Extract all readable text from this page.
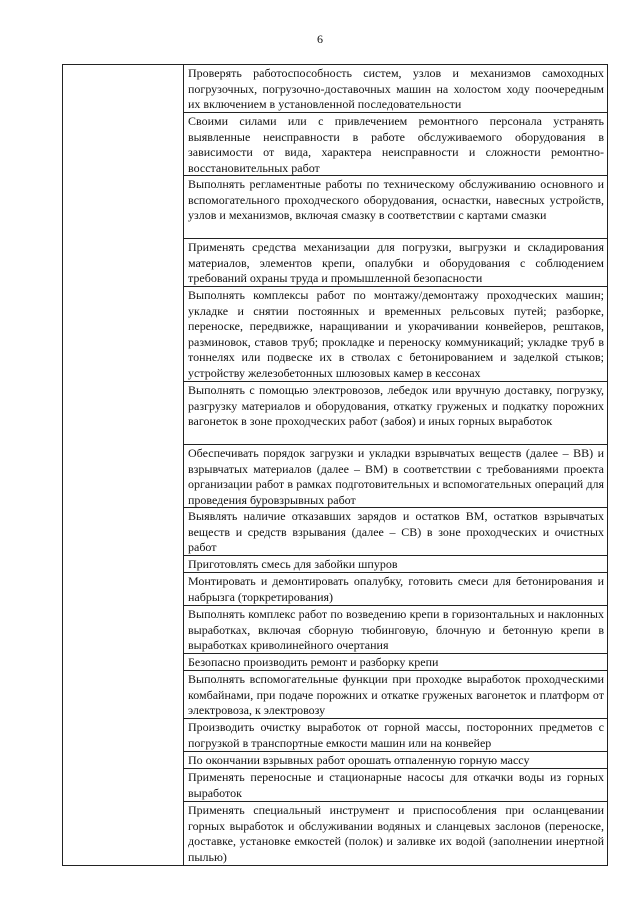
6
Проверять работоспособность систем, узлов и механизмов самоходных погрузочных, погрузочно-доставочных машин на холостом ходу поочередным их включением в установленной последовательности
Своими силами или с привлечением ремонтного персонала устранять выявленные неисправности в работе обслуживаемого оборудования в зависимости от вида, характера неисправности и сложности ремонтно-восстановительных работ
Выполнять регламентные работы по техническому обслуживанию основного и вспомогательного проходческого оборудования, оснастки, навесных устройств, узлов и механизмов, включая смазку в соответствии с картами смазки
Применять средства механизации для погрузки, выгрузки и складирования материалов, элементов крепи, опалубки и оборудования с соблюдением требований охраны труда и промышленной безопасности
Выполнять комплексы работ по монтажу/демонтажу проходческих машин; укладке и снятии постоянных и временных рельсовых путей; разборке, переноске, передвижке, наращивании и укорачивании конвейеров, рештаков, разминовок, ставов труб; прокладке и переноску коммуникаций; укладке труб в тоннелях или подвеске их в стволах с бетонированием и заделкой стыков; устройству железобетонных шлюзовых камер в кессонах
Выполнять с помощью электровозов, лебедок или вручную доставку, погрузку, разгрузку материалов и оборудования, откатку груженых и подкатку порожних вагонеток в зоне проходческих работ (забоя) и иных горных выработок
Обеспечивать порядок загрузки и укладки взрывчатых веществ (далее – ВВ) и взрывчатых материалов (далее – ВМ) в соответствии с требованиями проекта организации работ в рамках подготовительных и вспомогательных операций для проведения буровзрывных работ
Выявлять наличие отказавших зарядов и остатков ВМ, остатков взрывчатых веществ и средств взрывания (далее – СВ) в зоне проходческих и очистных работ
Приготовлять смесь для забойки шпуров
Монтировать и демонтировать опалубку, готовить смеси для бетонирования и набрызга (торкретирования)
Выполнять комплекс работ по возведению крепи в горизонтальных и наклонных выработках, включая сборную тюбинговую, блочную и бетонную крепи в выработках криволинейного очертания
Безопасно производить ремонт и разборку крепи
Выполнять вспомогательные функции при проходке выработок проходческими комбайнами, при подаче порожних и откатке груженых вагонеток и платформ от электровоза, к электровозу
Производить очистку выработок от горной массы, посторонних предметов с погрузкой в транспортные емкости машин или на конвейер
По окончании взрывных работ орошать отпаленную горную массу
Применять переносные и стационарные насосы для откачки воды из горных выработок
Применять специальный инструмент и приспособления при осланцевании горных выработок и обслуживании водяных и сланцевых заслонов (переноске, доставке, установке емкостей (полок) и заливке их водой (заполнении инертной пылью)
